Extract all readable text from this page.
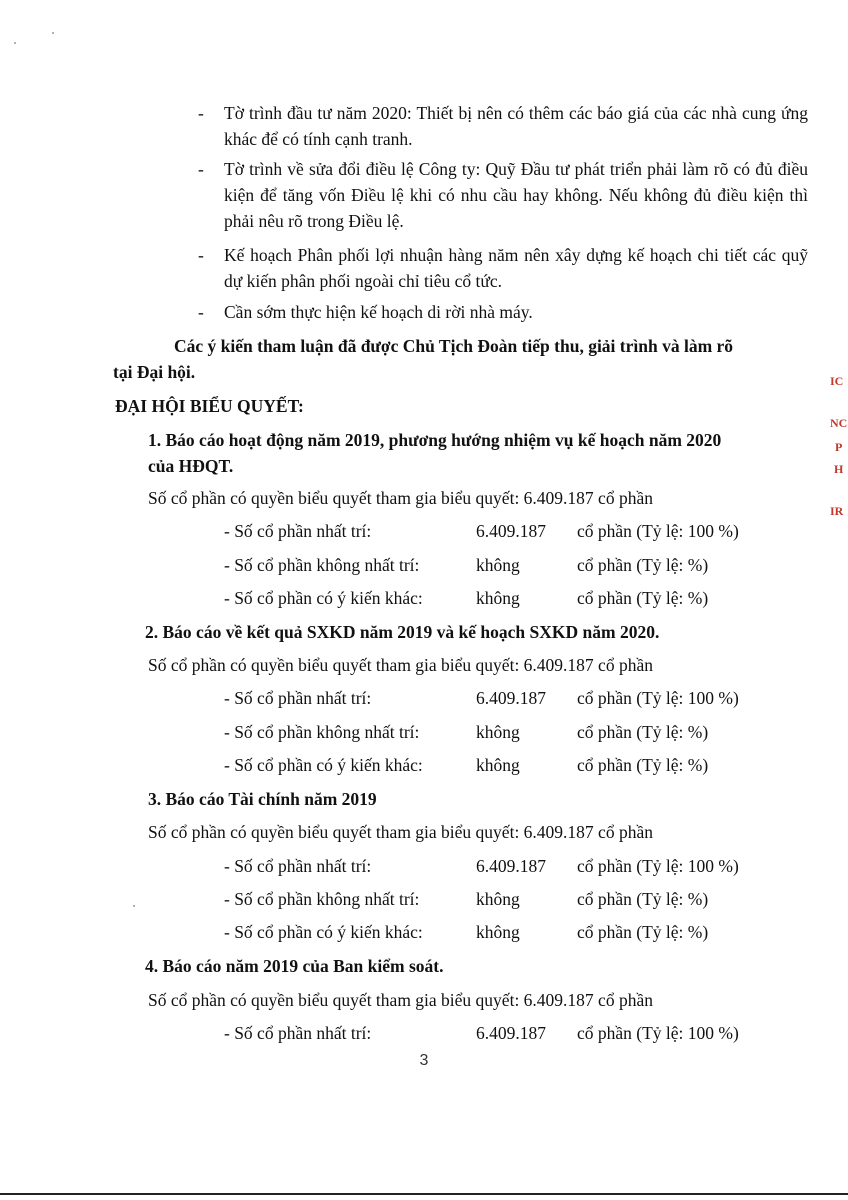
- Tờ trình đầu tư năm 2020: Thiết bị nên có thêm các báo giá của các nhà cung ứng khác để có tính cạnh tranh.
- Tờ trình về sửa đổi điều lệ Công ty: Quỹ Đầu tư phát triển phải làm rõ có đủ điều kiện để tăng vốn Điều lệ khi có nhu cầu hay không. Nếu không đủ điều kiện thì phải nêu rõ trong Điều lệ.
- Kế hoạch Phân phối lợi nhuận hàng năm nên xây dựng kế hoạch chi tiết các quỹ dự kiến phân phối ngoài chỉ tiêu cổ tức.
- Cần sớm thực hiện kế hoạch di rời nhà máy.
Các ý kiến tham luận đã được Chủ Tịch Đoàn tiếp thu, giải trình và làm rõ
tại Đại hội.
ĐẠI HỘI BIỂU QUYẾT:
1. Báo cáo hoạt động năm 2019, phương hướng nhiệm vụ kế hoạch năm 2020
của HĐQT.
Số cổ phần có quyền biểu quyết tham gia biểu quyết: 6.409.187 cổ phần
- Số cổ phần nhất trí:	6.409.187 cổ phần (Tỷ lệ: 100 %)
- Số cổ phần không nhất trí:	không	cổ phần (Tỷ lệ: %)
- Số cổ phần có ý kiến khác:	không	cổ phần (Tỷ lệ: %)
2. Báo cáo về kết quả SXKD năm 2019 và kế hoạch SXKD năm 2020.
Số cổ phần có quyền biểu quyết tham gia biểu quyết: 6.409.187 cổ phần
- Số cổ phần nhất trí:	6.409.187 cổ phần (Tỷ lệ: 100 %)
- Số cổ phần không nhất trí:	không	cổ phần (Tỷ lệ: %)
- Số cổ phần có ý kiến khác:	không	cổ phần (Tỷ lệ: %)
3. Báo cáo Tài chính năm 2019
Số cổ phần có quyền biểu quyết tham gia biểu quyết: 6.409.187 cổ phần
- Số cổ phần nhất trí:	6.409.187 cổ phần (Tỷ lệ: 100 %)
- Số cổ phần không nhất trí:	không	cổ phần (Tỷ lệ: %)
- Số cổ phần có ý kiến khác:	không	cổ phần (Tỷ lệ: %)
4. Báo cáo năm 2019 của Ban kiểm soát.
Số cổ phần có quyền biểu quyết tham gia biểu quyết: 6.409.187 cổ phần
- Số cổ phần nhất trí:	6.409.187 cổ phần (Tỷ lệ: 100 %)
3
IC
NC
P
H
IR
